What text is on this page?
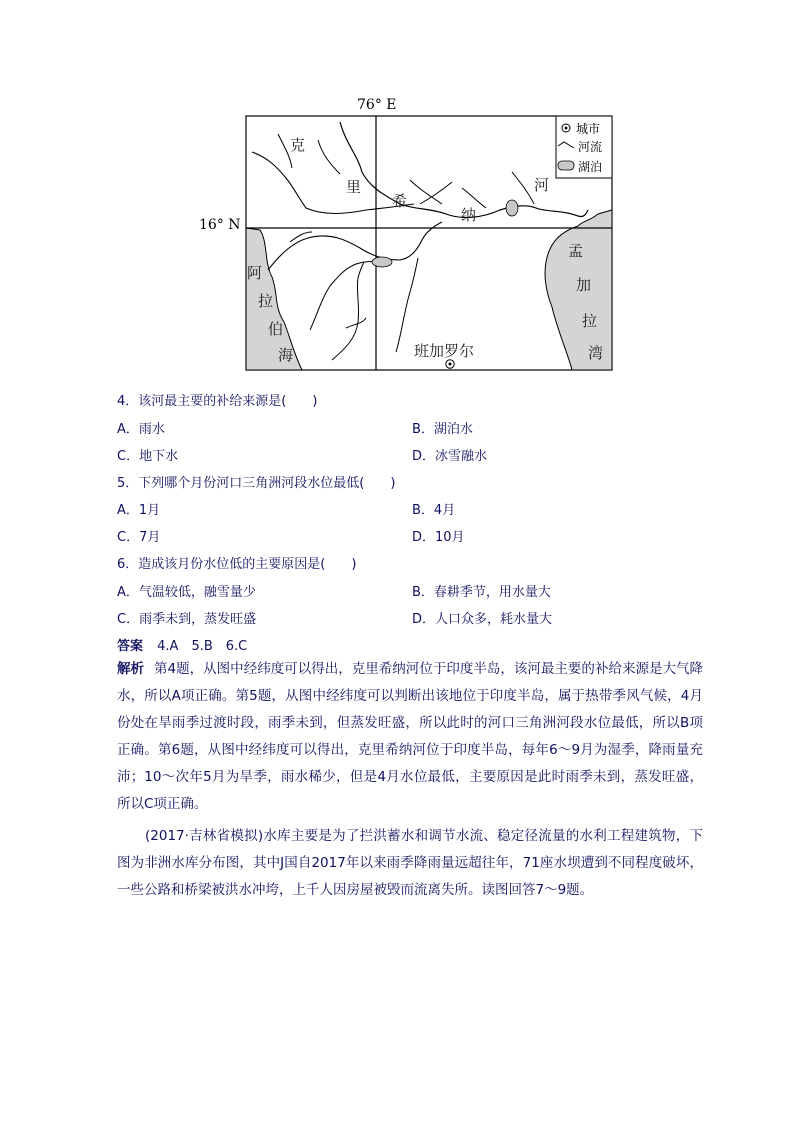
76° E
16° N
城市
河流
湖泊
克
里
希
纳
河
阿
拉
伯
海
孟
加
拉
湾
班加罗尔
4．该河最主要的补给来源是(　　)
A．雨水	B．湖泊水
C．地下水	D．冰雪融水
5．下列哪个月份河口三角洲河段水位最低(　　)
A．1月	B．4月
C．7月	D．10月
6．造成该月份水位低的主要原因是(　　)
A．气温较低，融雪量少	B．春耕季节，用水量大
C．雨季未到，蒸发旺盛	D．人口众多，耗水量大
答案 4.A　5.B　6.C
解析 第4题，从图中经纬度可以得出，克里希纳河位于印度半岛，该河最主要的补给来源是大气降水，所以A项正确。第5题，从图中经纬度可以判断出该地位于印度半岛，属于热带季风气候，4月份处在旱雨季过渡时段，雨季未到，但蒸发旺盛，所以此时的河口三角洲河段水位最低，所以B项正确。第6题，从图中经纬度可以得出，克里希纳河位于印度半岛，每年6～9月为湿季，降雨量充沛；10～次年5月为旱季，雨水稀少，但是4月水位最低，主要原因是此时雨季未到，蒸发旺盛，所以C项正确。
(2017·吉林省模拟)水库主要是为了拦洪蓄水和调节水流、稳定径流量的水利工程建筑物，下图为非洲水库分布图，其中J国自2017年以来雨季降雨量远超往年，71座水坝遭到不同程度破坏，一些公路和桥梁被洪水冲垮，上千人因房屋被毁而流离失所。读图回答7～9题。
